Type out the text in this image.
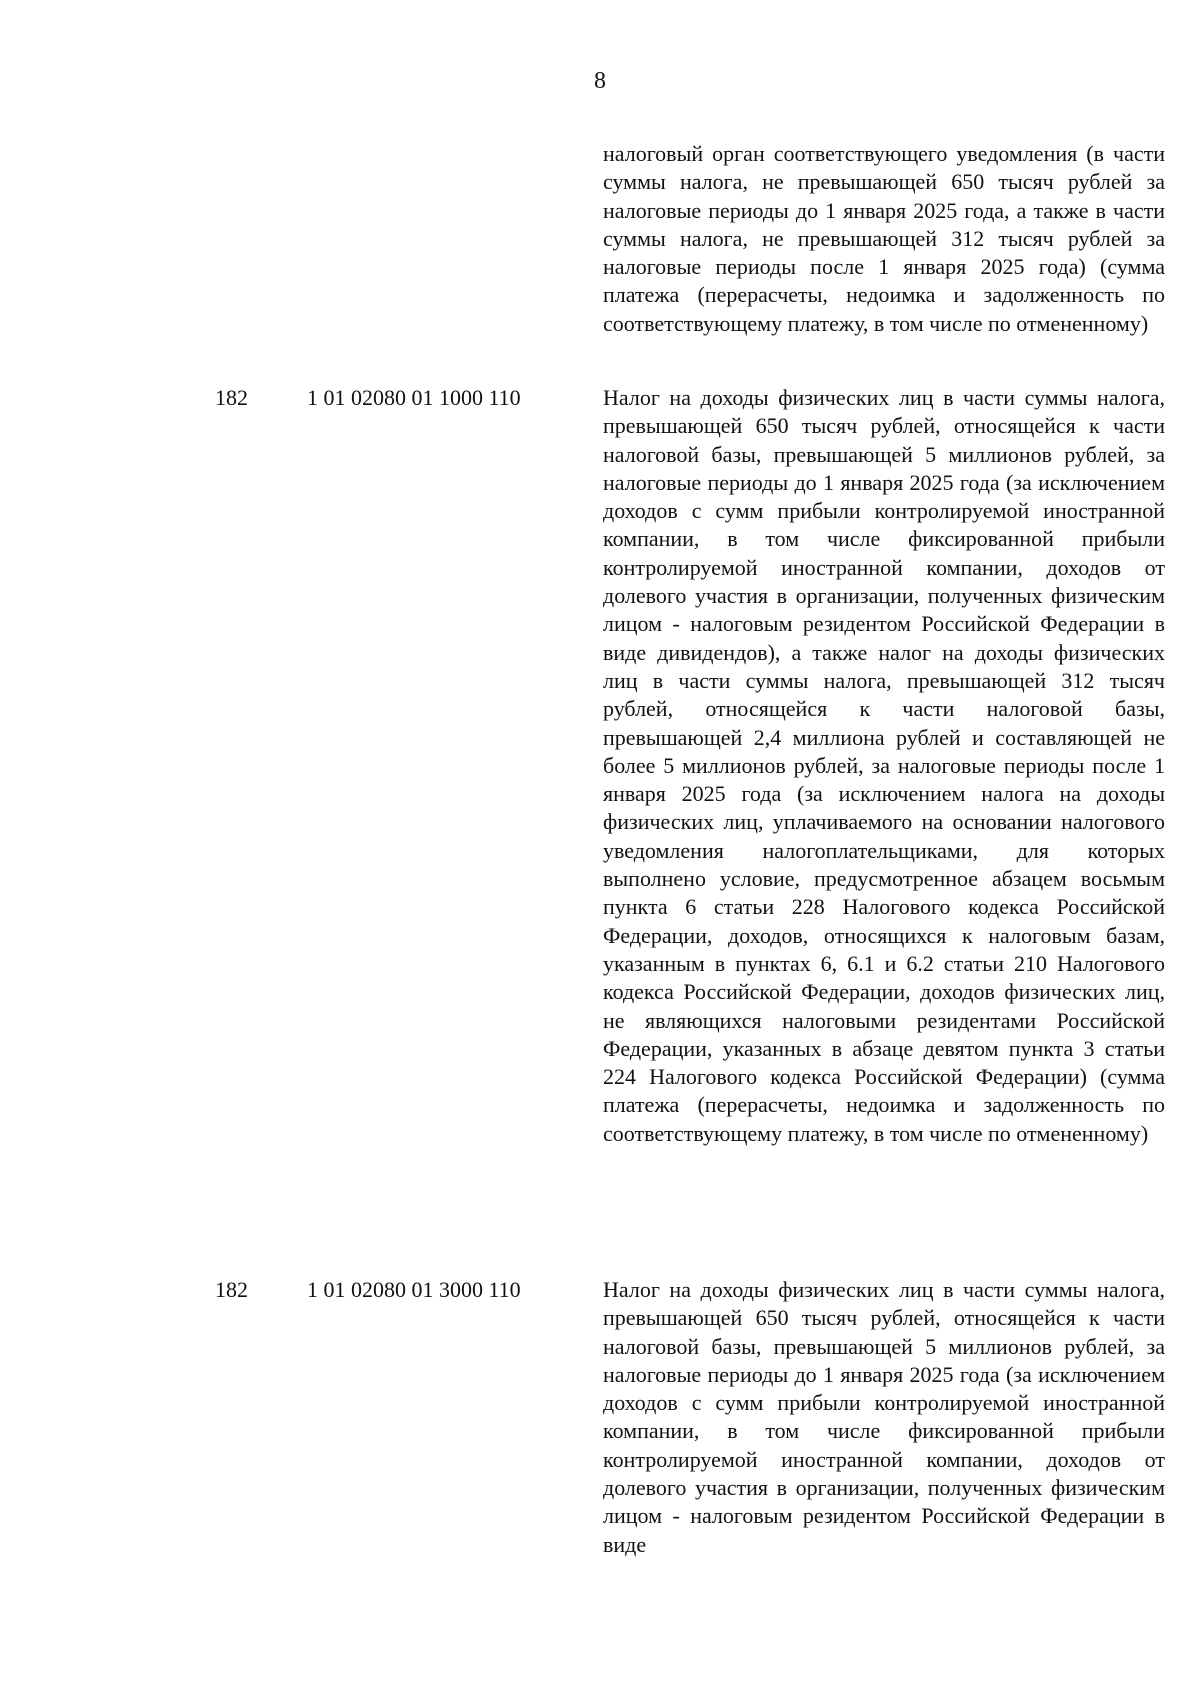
8
налоговый орган соответствующего уведомления (в части суммы налога, не превышающей 650 тысяч рублей за налоговые периоды до 1 января 2025 года, а также в части суммы налога, не превышающей 312 тысяч рублей за налоговые периоды после 1 января 2025 года) (сумма платежа (перерасчеты, недоимка и задолженность по соответствующему платежу, в том числе по отмененному)
182	1 01 02080 01 1000 110	Налог на доходы физических лиц в части суммы налога, превышающей 650 тысяч рублей, относящейся к части налоговой базы, превышающей 5 миллионов рублей, за налоговые периоды до 1 января 2025 года (за исключением доходов с сумм прибыли контролируемой иностранной компании, в том числе фиксированной прибыли контролируемой иностранной компании, доходов от долевого участия в организации, полученных физическим лицом - налоговым резидентом Российской Федерации в виде дивидендов), а также налог на доходы физических лиц в части суммы налога, превышающей 312 тысяч рублей, относящейся к части налоговой базы, превышающей 2,4 миллиона рублей и составляющей не более 5 миллионов рублей, за налоговые периоды после 1 января 2025 года (за исключением налога на доходы физических лиц, уплачиваемого на основании налогового уведомления налогоплательщиками, для которых выполнено условие, предусмотренное абзацем восьмым пункта 6 статьи 228 Налогового кодекса Российской Федерации, доходов, относящихся к налоговым базам, указанным в пунктах 6, 6.1 и 6.2 статьи 210 Налогового кодекса Российской Федерации, доходов физических лиц, не являющихся налоговыми резидентами Российской Федерации, указанных в абзаце девятом пункта 3 статьи 224 Налогового кодекса Российской Федерации) (сумма платежа (перерасчеты, недоимка и задолженность по соответствующему платежу, в том числе по отмененному)
182	1 01 02080 01 3000 110	Налог на доходы физических лиц в части суммы налога, превышающей 650 тысяч рублей, относящейся к части налоговой базы, превышающей 5 миллионов рублей, за налоговые периоды до 1 января 2025 года (за исключением доходов с сумм прибыли контролируемой иностранной компании, в том числе фиксированной прибыли контролируемой иностранной компании, доходов от долевого участия в организации, полученных физическим лицом - налоговым резидентом Российской Федерации в виде
